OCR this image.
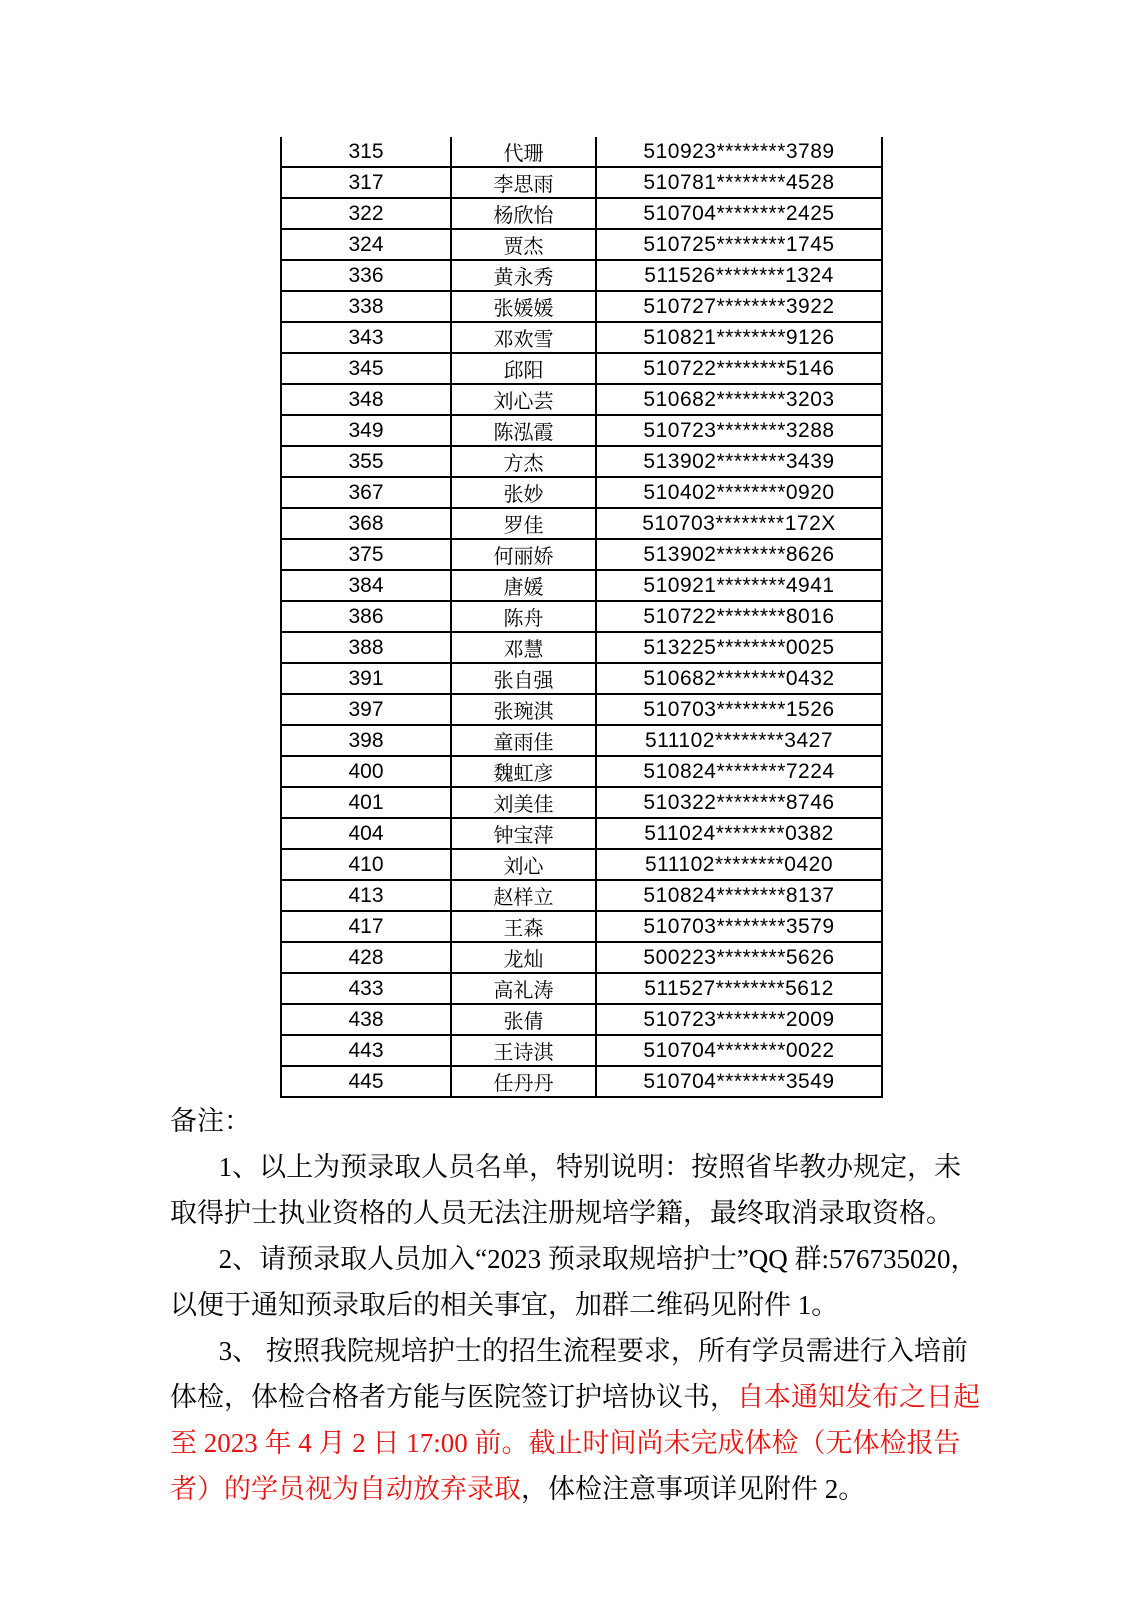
315	代珊	510923********3789
317	李思雨	510781********4528
322	杨欣怡	510704********2425
324	贾杰	510725********1745
336	黄永秀	511526********1324
338	张媛媛	510727********3922
343	邓欢雪	510821********9126
345	邱阳	510722********5146
348	刘心芸	510682********3203
349	陈泓霞	510723********3288
355	方杰	513902********3439
367	张妙	510402********0920
368	罗佳	510703********172X
375	何丽娇	513902********8626
384	唐媛	510921********4941
386	陈舟	510722********8016
388	邓慧	513225********0025
391	张自强	510682********0432
397	张琬淇	510703********1526
398	童雨佳	511102********3427
400	魏虹彦	510824********7224
401	刘美佳	510322********8746
404	钟宝萍	511024********0382
410	刘心	511102********0420
413	赵样立	510824********8137
417	王森	510703********3579
428	龙灿	500223********5626
433	高礼涛	511527********5612
438	张倩	510723********2009
443	王诗淇	510704********0022
445	任丹丹	510704********3549
备注：
1、以上为预录取人员名单，特别说明：按照省毕教办规定，未
取得护士执业资格的人员无法注册规培学籍，最终取消录取资格。
2、请预录取人员加入“2023 预录取规培护士”QQ 群:576735020，
以便于通知预录取后的相关事宜，加群二维码见附件 1。
3、 按照我院规培护士的招生流程要求，所有学员需进行入培前
体检，体检合格者方能与医院签订护培协议书，自本通知发布之日起
至 2023 年 4 月 2 日 17:00 前。截止时间尚未完成体检（无体检报告
者）的学员视为自动放弃录取，体检注意事项详见附件 2。
